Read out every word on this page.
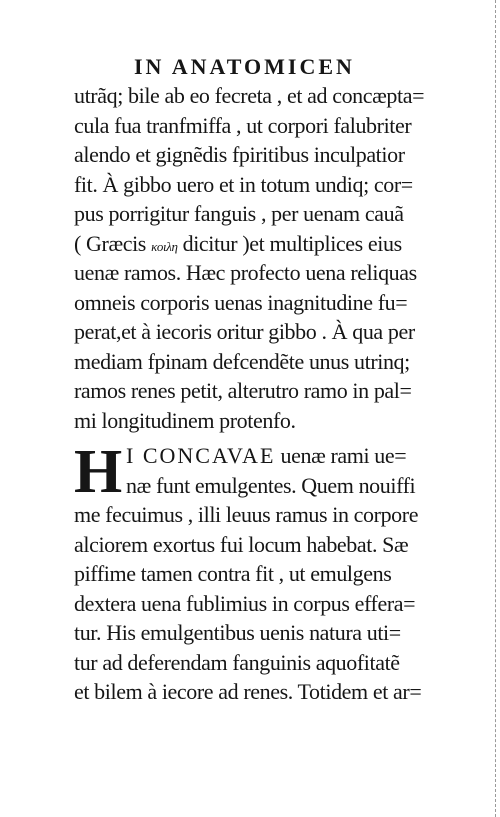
IN ANATOMICEN
utrãq; bile ab eo fecreta , et ad concæpta=
cula fua tranfmiffa , ut corpori falubriter
alendo et gignẽdis fpiritibus inculpatior
fit. À gibbo uero et in totum undiq; cor=
pus porrigitur fanguis , per uenam cauã
( Græcis κοιλη dicitur )et multiplices eius
uenæ ramos. Hæc profecto uena reliquas
omneis corporis uenas inagnitudine fu=
perat,et à iecoris oritur gibbo . À qua per
mediam fpinam defcendẽte unus utrinq;
ramos renes petit, alterutro ramo in pal=
mi longitudinem protenfo.
H I CONCAVAE uenæ rami ue=
næ funt emulgentes. Quem nouiffi
me fecuimus , illi leuus ramus in corpore
alciorem exortus fui locum habebat. Sæ
piffime tamen contra fit , ut emulgens
dextera uena fublimius in corpus effera=
tur. His emulgentibus uenis natura uti=
tur ad deferendam fanguinis aquofitatẽ
et bilem à iecore ad renes. Totidem et ar=
